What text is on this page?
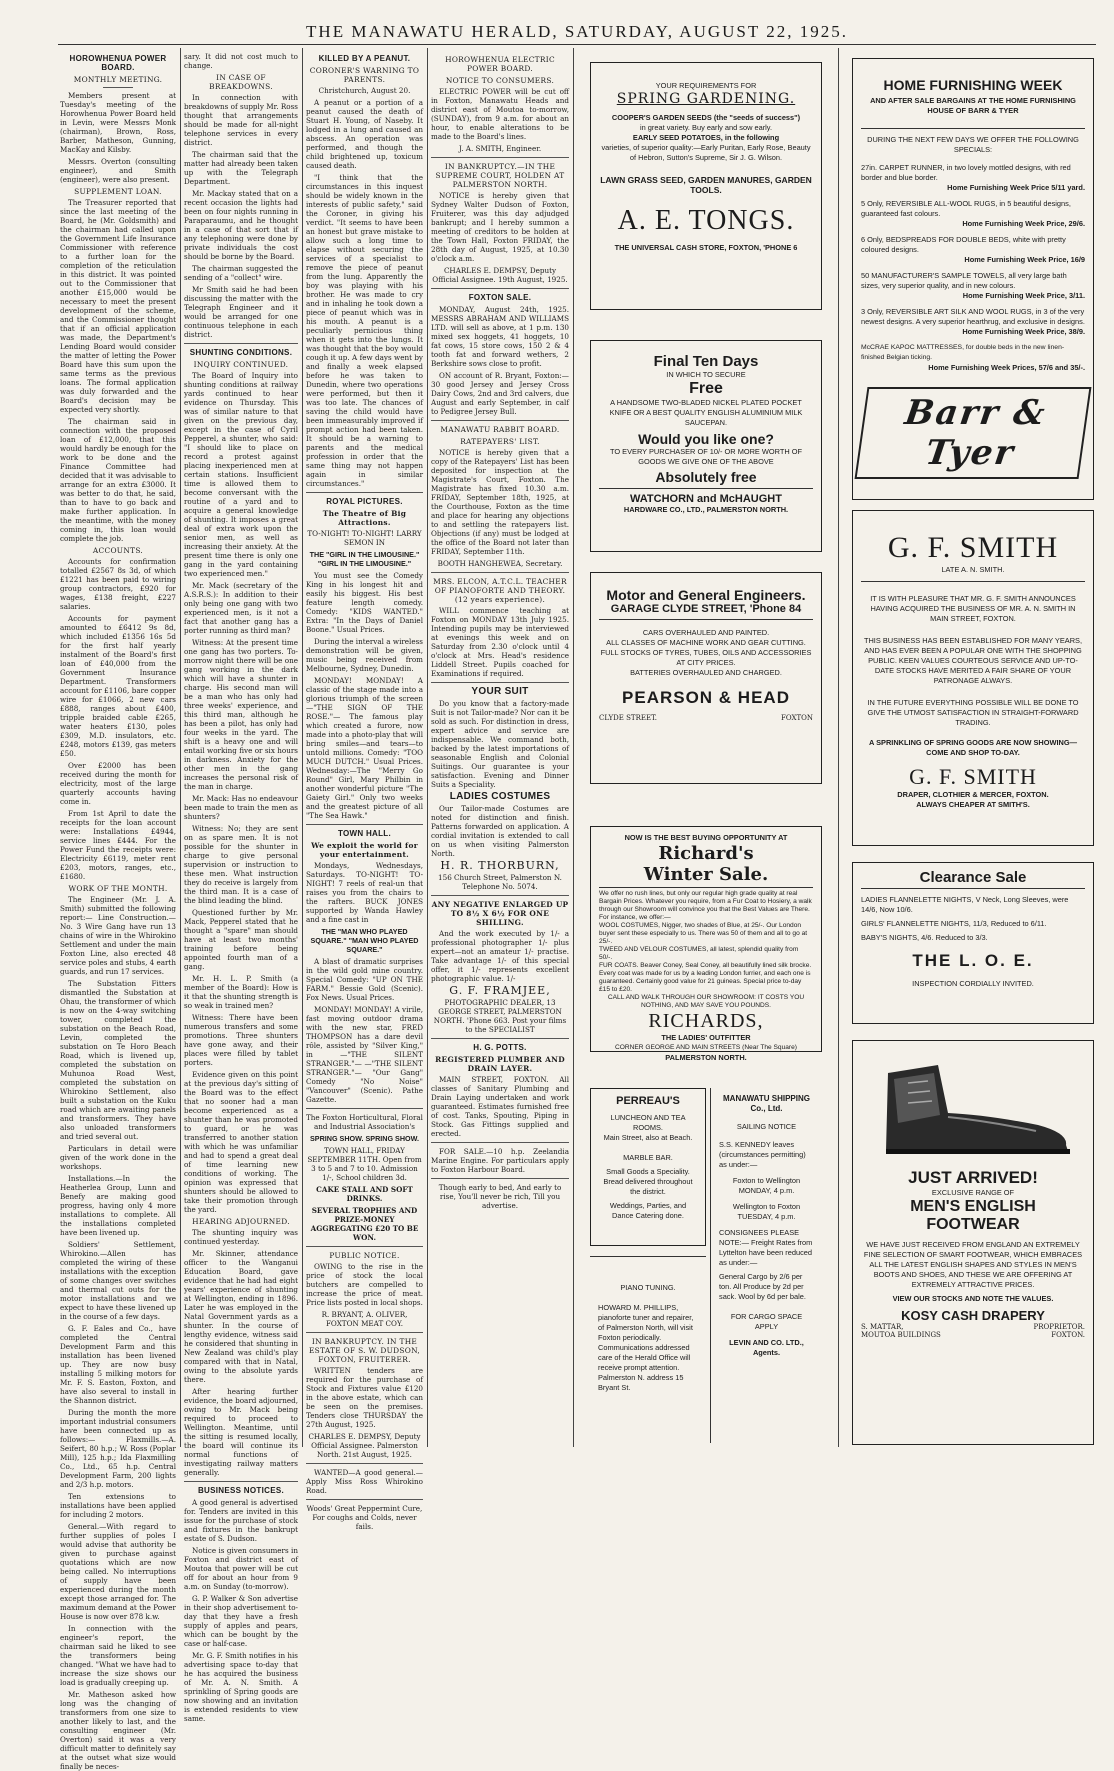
THE MANAWATU HERALD, SATURDAY, AUGUST 22, 1925.
HOROWHENUA POWER BOARD.
MONTHLY MEETING.

Members present at Tuesday's meeting of the Horowhenua Power Board held in Levin, were Messrs Monk (chairman), Brown, Ross, Barber, Matheson, Gunning, MacKay and Kilsby.

Messrs. Overton (consulting engineer), and Smith (engineer), were also present.

SUPPLEMENT LOAN.

The Treasurer reported that since the last meeting of the Board, he (Mr. Goldsmith) and the chairman had called upon the Government Life Insurance Commissioner with reference to a further loan for the completion of the reticulation in this district. It was pointed out to the Commissioner that another £15,000 would be necessary to meet the present development of the scheme, and the Commissioner thought that if an official application was made, the Department's Lending Board would consider the matter of letting the Power Board have this sum upon the same terms as the previous loans. The formal application was duly forwarded and the Board's decision may be expected very shortly.

The chairman said in connection with the proposed loan of £12,000, that this would hardly be enough for the work to be done and the Finance Committee had decided that it was advisable to arrange for an extra £3000. It was better to do that, he said, than to have to go back and make further application. In the meantime, with the money coming in, this loan would complete the job.

ACCOUNTS.

Accounts for confirmation totalled £2567 8s 3d, of which £1221 has been paid to wiring group contractors, £920 for wages, £138 freight, £227 salaries.

Accounts for payment amounted to £6412 9s 8d, which included £1356 16s 5d for the first half yearly instalment of the Board's first loan of £40,000 from the Government Insurance Department. Transformers account for £1106, bare copper wire for £1066, 2 new cars £888, ranges about £400, tripple braided cable £265, water heaters £130, poles £309, M.D. insulators, etc. £248, motors £139, gas meters £50.

Over £2000 has been received during the month for electricity, most of the large quarterly accounts having come in.

From 1st April to date the receipts for the loan account were: Installations £4944, service lines £444. For the Power Fund the receipts were: Electricity £6119, meter rent £203, motors, ranges, etc., £1680.

WORK OF THE MONTH.

The Engineer (Mr. J. A. Smith) submitted the following report:— Line Construction.—No. 3 Wire Gang have run 13 chains of wire in the Whirokino Settlement and under the main Foxton Line, also erected 48 service poles and stubs, 4 earth guards, and run 17 services.

The Substation Fitters dismantled the Substation at Ohau, the transformer of which is now on the 4-way switching tower, completed the substation on the Beach Road, Levin, completed the substation on Te Horo Beach Road, which is livened up, completed the substation on Muhunoa Road West, completed the substation on Whirokino Settlement, also built a substation on the Kuku road which are awaiting panels and transformers. They have also unloaded transformers and tried several out.

Particulars in detail were given of the work done in the workshops.

Installations.—In the Heatherlea Group, Lunn and Benefy are making good progress, having only 4 more installations to complete. All the installations completed have been livened up.

Soldiers' Settlement, Whirokino.—Allen has completed the wiring of these installations with the exception of some changes over switches and thermal cut outs for the motor installations and we expect to have these livened up in the course of a few days.

G. F. Eales and Co., have completed the Central Development Farm and this installation has been livened up. They are now busy installing 5 milking motors for Mr. F. S. Easton, Foxton, and have also several to install in the Shannon district.

During the month the more important industrial consumers have been connected up as follows:— Flaxmills.—A. Seifert, 80 h.p.; W. Ross (Poplar Mill), 125 h.p.; Ida Flaxmilling Co., Ltd., 65 h.p. Central Development Farm, 200 lights and 2/3 h.p. motors.

Ten extensions to installations have been applied for including 2 motors.

General.—With regard to further supplies of poles I would advise that authority be given to purchase against quotations which are now being called. No interruptions of supply have been experienced during the month except those arranged for. The maximum demand at the Power House is now over 878 k.w.

In connection with the engineer's report, the chairman said he liked to see the transformers being changed. "What we have had to increase the size shows our load is gradually creeping up.

Mr. Matheson asked how long was the changing of transformers from one size to another likely to last, and the consulting engineer (Mr. Overton) said it was a very difficult matter to definitely say at the outset what size would finally be neces-

sary. It did not cost much to change.

IN CASE OF BREAKDOWNS.

In connection with breakdowns of supply Mr. Ross thought that arrangements should be made for all-night telephone services in every district.

The chairman said that the matter had already been taken up with the Telegraph Department.

Mr. Mackay stated that on a recent occasion the lights had been on four nights running in Paraparaumu, and he thought in a case of that sort that if any telephoning were done by private individuals the cost should be borne by the Board.

The chairman suggested the sending of a "collect" wire.

Mr Smith said he had been discussing the matter with the Telegraph Engineer and it would be arranged for one continuous telephone in each district.

SHUNTING CONDITIONS.
INQUIRY CONTINUED.

The Board of Inquiry into shunting conditions at railway yards continued to hear evidence on Thursday. This was of similar nature to that given on the previous day, except in the case of Cyril Pepperel, a shunter, who said: "I should like to place on record a protest against placing inexperienced men at certain stations. Insufficient time is allowed them to become conversant with the routine of a yard and to acquire a general knowledge of shunting. It imposes a great deal of extra work upon the senior men, as well as increasing their anxiety. At the present time there is only one gang in the yard containing two experienced men."

Mr. Mack (secretary of the A.S.R.S.): In addition to their only being one gang with two experienced men, is it not a fact that another gang has a porter running as third man?

Witness: At the present time one gang has two porters. To-morrow night there will be one gang working in the dark which will have a shunter in charge. His second man will be a man who has only had three weeks' experience, and this third man, although he has been a pilot, has only had four weeks in the yard. The shift is a heavy one and will entail working five or six hours in darkness. Anxiety for the other men in the gang increases the personal risk of the man in charge.

Mr. Mack: Has no endeavour been made to train the men as shunters?

Witness: No; they are sent on as spare men. It is not possible for the shunter in charge to give personal supervision or instruction to these men. What instruction they do receive is largely from the third man. It is a case of the blind leading the blind.

Questioned further by Mr. Mack, Pepperel stated that he thought a "spare" man should have at least two months' training before being appointed fourth man of a gang.

Mr. H. L. P. Smith (a member of the Board): How is it that the shunting strength is so weak in trained men?

Witness: There have been numerous transfers and some promotions. Three shunters have gone away, and their places were filled by tablet porters.

Evidence given on this point at the previous day's sitting of the Board was to the effect that no sooner had a man become experienced as a shunter than he was promoted to guard, or he was transferred to another station with which he was unfamiliar and had to spend a great deal of time learning new conditions of working. The opinion was expressed that shunters should be allowed to take their promotion through the yard.

HEARING ADJOURNED.

The shunting inquiry was continued yesterday.

Mr. Skinner, attendance officer to the Wanganui Education Board, gave evidence that he had had eight years' experience of shunting at Wellington, ending in 1896. Later he was employed in the Natal Government yards as a shunter. In the course of lengthy evidence, witness said he considered that shunting in New Zealand was child's play compared with that in Natal, owing to the absolute yards there.

After hearing further evidence, the board adjourned, owing to Mr. Mack being required to proceed to Wellington. Meantime, until the sitting is resumed locally, the board will continue its normal functions of investigating railway matters generally.

BUSINESS NOTICES.

A good general is advertised for. Tenders are invited in this issue for the purchase of stock and fixtures in the bankrupt estate of S. Dudson.

Notice is given consumers in Foxton and district east of Moutoa that power will be cut off for about an hour from 9 a.m. on Sunday (to-morrow).

G. P. Walker & Son advertise in their shop advertisement to-day that they have a fresh supply of apples and pears, which can be bought by the case or half-case.

Mr. G. F. Smith notifies in his advertising space to-day that he has acquired the business of Mr. A. N. Smith. A sprinkling of Spring goods are now showing and an invitation is extended residents to view same.

KILLED BY A PEANUT.
CORONER'S WARNING TO PARENTS.

Christchurch, August 20.

A peanut or a portion of a peanut caused the death of Stuart H. Young, of Naseby. It lodged in a lung and caused an abscess. An operation was performed, and though the child brightened up, toxicum caused death.

"I think that the circumstances in this inquest should be widely known in the interests of public safety," said the Coroner, in giving his verdict. "It seems to have been an honest but grave mistake to allow such a long time to elapse without securing the services of a specialist to remove the piece of peanut from the lung. Apparently the boy was playing with his brother. He was made to cry and in inhaling he took down a piece of peanut which was in his mouth. A peanut is a peculiarly pernicious thing when it gets into the lungs. It was thought that the boy would cough it up. A few days went by and finally a week elapsed before he was taken to Dunedin, where two operations were performed, but then it was too late. The chances of saving the child would have been immeasurably improved if prompt action had been taken. It should be a warning to parents and the medical profession in order that the same thing may not happen again in similar circumstances."

ROYAL PICTURES.
The Theatre of Big Attractions.

TO-NIGHT! TO-NIGHT! LARRY SEMON IN

THE "GIRL IN THE LIMOUSINE." "GIRL IN THE LIMOUSINE."

You must see the Comedy King in his longest hit and easily his biggest. His best feature length comedy. Comedy: "KIDS WANTED." Extra: "In the Days of Daniel Boone." Usual Prices.

During the interval a wireless demonstration will be given, music being received from Melbourne, Sydney, Dunedin.

MONDAY! MONDAY! A classic of the stage made into a glorious triumph of the screen —"THE SIGN OF THE ROSE."— The famous play which created a furore, now made into a photo-play that will bring smiles—and tears—to untold millions. Comedy: "TOO MUCH DUTCH." Usual Prices. Wednesday:—The "Merry Go Round" Girl, Mary Philbin in another wonderful picture "The Gaiety Girl." Only two weeks and the greatest picture of all "The Sea Hawk."

TOWN HALL.
We exploit the world for your entertainment.

Mondays, Wednesdays, Saturdays. TO-NIGHT! TO-NIGHT! 7 reels of real-un that raises you from the chairs to the rafters. BUCK JONES supported by Wanda Hawley and a fine cast in

THE "MAN WHO PLAYED SQUARE." "MAN WHO PLAYED SQUARE."

A blast of dramatic surprises in the wild gold mine country. Special Comedy: "UP ON THE FARM." Bessie Gold (Scenic). Fox News. Usual Prices.

MONDAY! MONDAY! A virile, fast moving outdoor drama with the new star, FRED THOMPSON has a dare devil rôle, assisted by "Silver King," in —"THE SILENT STRANGER."— —"THE SILENT STRANGER."— "Our Gang" Comedy "No Noise" "Vancouver" (Scenic). Pathe Gazette.

The Foxton Horticultural, Floral and Industrial Association's

SPRING SHOW. SPRING SHOW.

TOWN HALL, FRIDAY SEPTEMBER 11TH. Open from 3 to 5 and 7 to 10. Admission 1/-, School children 3d.

CAKE STALL AND SOFT DRINKS.

SEVERAL TROPHIES AND PRIZE-MONEY AGGREGATING £20 TO BE WON.

PUBLIC NOTICE.

OWING to the rise in the price of stock the local butchers are compelled to increase the price of meat. Price lists posted in local shops.

R. BRYANT, A. OLIVER, FOXTON MEAT COY.

IN BANKRUPTCY. IN THE ESTATE OF S. W. DUDSON, FOXTON, FRUITERER.

WRITTEN tenders are required for the purchase of Stock and Fixtures value £120 in the above estate, which can be seen on the premises. Tenders close THURSDAY the 27th August, 1925.

CHARLES E. DEMPSY, Deputy Official Assignee. Palmerston North. 21st August, 1925.

WANTED—A good general.— Apply Miss Ross Whirokino Road.

Woods' Great Peppermint Cure, For coughs and Colds, never fails.

HOROWHENUA ELECTRIC POWER BOARD.
NOTICE TO CONSUMERS.

ELECTRIC POWER will be cut off in Foxton, Manawatu Heads and district east of Moutoa to-morrow, (SUNDAY), from 9 a.m. for about an hour, to enable alterations to be made to the Board's lines.

J. A. SMITH, Engineer.

IN BANKRUPTCY.—IN THE SUPREME COURT, HOLDEN AT PALMERSTON NORTH.

NOTICE is hereby given that Sydney Walter Dudson of Foxton, Fruiterer, was this day adjudged bankrupt; and I hereby summon a meeting of creditors to be holden at the Town Hall, Foxton FRIDAY, the 28th day of August, 1925, at 10.30 o'clock a.m.

CHARLES E. DEMPSY, Deputy Official Assignee. 19th August, 1925.

FOXTON SALE.

MONDAY, August 24th, 1925. MESSRS ABRAHAM AND WILLIAMS LTD. will sell as above, at 1 p.m. 130 mixed sex hoggets, 41 hoggets, 10 fat cows, 15 store cows, 150 2 & 4 tooth fat and forward wethers, 2 Berkshire sows close to profit.

ON account of R. Bryant, Foxton:—30 good Jersey and Jersey Cross Dairy Cows, 2nd and 3rd calvers, due August and early September, in calf to Pedigree Jersey Bull.

MANAWATU RABBIT BOARD.
RATEPAYERS' LIST.

NOTICE is hereby given that a copy of the Ratepayers' List has been deposited for inspection at the Magistrate's Court, Foxton. The Magistrate has fixed 10.30 a.m. FRIDAY, September 18th, 1925, at the Courthouse, Foxton as the time and place for hearing any objections to and settling the ratepayers list. Objections (if any) must be lodged at the office of the Board not later than FRIDAY, September 11th.

BOOTH HANGHEWEA, Secretary.

MRS. ELCON, A.T.C.L. TEACHER OF PIANOFORTE AND THEORY. (12 years experience).

WILL commence teaching at Foxton on MONDAY 13th July 1925. Intending pupils may be interviewed at evenings this week and on Saturday from 2.30 o'clock until 4 o'clock at Mrs. Head's residence Liddell Street. Pupils coached for Examinations if required.

YOUR SUIT

Do you know that a factory-made Suit is not Tailor-made? Nor can it be sold as such. For distinction in dress, expert advice and service are indispensable. We command both, backed by the latest importations of seasonable English and Colonial Suitings. Our guarantee is your satisfaction. Evening and Dinner Suits a Speciality.

LADIES COSTUMES

Our Tailor-made Costumes are noted for distinction and finish. Patterns forwarded on application. A cordial invitation is extended to call on us when visiting Palmerston North.

H. R. THORBURN,

156 Church Street, Palmerston N. Telephone No. 5074.

ANY NEGATIVE ENLARGED UP TO 8½ X 6½ FOR ONE SHILLING.

And the work executed by 1/- a professional photographer 1/- plus expert—not an amateur 1/- practise. Take advantage 1/- of this special offer, it 1/- represents excellent photographic value. 1/-

G. F. FRAMJEE,

PHOTOGRAPHIC DEALER, 13 GEORGE STREET, PALMERSTON NORTH. 'Phone 663. Post your films to the SPECIALIST

H. G. POTTS.
REGISTERED PLUMBER AND DRAIN LAYER.

MAIN STREET, FOXTON. All classes of Sanitary Plumbing and Drain Laying undertaken and work guaranteed. Estimates furnished free of cost. Tanks, Spouting, Piping in Stock. Gas Fittings supplied and erected.

FOR SALE.—10 h.p. Zeelandia Marine Engine. For particulars apply to Foxton Harbour Board.

Though early to bed, And early to rise, You'll never be rich, Till you advertise.

YOUR REQUIREMENTS FOR
SPRING GARDENING.
COOPER'S GARDEN SEEDS (the "seeds of success")
in great variety. Buy early and sow early.
EARLY SEED POTATOES, in the following
varieties, of superior quality:—Early Puritan, Early Rose, Beauty of Hebron, Sutton's Supreme, Sir J. G. Wilson.
LAWN GRASS SEED, GARDEN MANURES, GARDEN TOOLS.
A. E. TONGS.
THE UNIVERSAL CASH STORE, FOXTON, 'PHONE 6
Final Ten Days
IN WHICH TO SECURE
Free
A HANDSOME TWO-BLADED NICKEL PLATED POCKET KNIFE OR A BEST QUALITY ENGLISH ALUMINIUM MILK SAUCEPAN.
Would you like one?
TO EVERY PURCHASER OF 10/- OR MORE WORTH OF GOODS WE GIVE ONE OF THE ABOVE
Absolutely free
WATCHORN and McHAUGHT
HARDWARE CO., LTD., PALMERSTON NORTH.
Motor and General Engineers.
GARAGE CLYDE STREET, 'Phone 84
CARS OVERHAULED AND PAINTED.
ALL CLASSES OF MACHINE WORK AND GEAR CUTTING.
FULL STOCKS OF TYRES, TUBES, OILS AND ACCESSORIES AT CITY PRICES.
BATTERIES OVERHAULED AND CHARGED.
PEARSON & HEAD
CLYDE STREET.	FOXTON
NOW IS THE BEST BUYING OPPORTUNITY AT
Richard's
Winter Sale.
We offer no rush lines, but only our regular high grade quality at real Bargain Prices. Whatever you require, from a Fur Coat to Hosiery, a walk through our Showroom will convince you that the Best Values are There. For instance, we offer:—
WOOL COSTUMES, Nigger, two shades of Blue, at 25/-. Our London buyer sent these especially to us. There was 50 of them and all to go at 25/-.
TWEED AND VELOUR COSTUMES, all latest, splendid quality from 50/-.
FUR COATS. Beaver Coney, Seal Coney, all beautifully lined silk brocke. Every coat was made for us by a leading London furrier, and each one is guaranteed. Certainly good value for 21 guineas. Special price to-day £15 to £20.
CALL AND WALK THROUGH OUR SHOWROOM: IT COSTS YOU NOTHING, AND MAY SAVE YOU POUNDS.
RICHARDS,
THE LADIES' OUTFITTER
CORNER GEORGE AND MAIN STREETS (Near The Square)
PALMERSTON NORTH.
PERREAU'S
LUNCHEON AND TEA ROOMS.
Main Street, also at Beach.
MARBLE BAR.
Small Goods a Speciality. Bread delivered throughout the district.
Weddings, Parties, and Dance Catering done.
PIANO TUNING.
HOWARD M. PHILLIPS, pianoforte tuner and repairer, of Palmerston North, will visit Foxton periodically. Communications addressed care of the Herald Office will receive prompt attention. Palmerston N. address 15 Bryant St.
MANAWATU SHIPPING Co., Ltd.
SAILING NOTICE
S.S. KENNEDY leaves (circumstances permitting) as under:—
Foxton to Wellington MONDAY, 4 p.m.
Wellington to Foxton TUESDAY, 4 p.m.
CONSIGNEES PLEASE NOTE:— Freight Rates from Lyttelton have been reduced as under:—
General Cargo by 2/6 per ton. All Produce by 2d per sack. Wool by 6d per bale.
FOR CARGO SPACE APPLY
LEVIN AND CO. LTD., Agents.
HOME FURNISHING WEEK
AND AFTER SALE BARGAINS AT THE HOME FURNISHING HOUSE OF BARR & TYER
DURING THE NEXT FEW DAYS WE OFFER THE FOLLOWING SPECIALS:
27in. CARPET RUNNER, in two lovely mottled designs, with red border and blue border.
Home Furnishing Week Price 5/11 yard.
5 Only, REVERSIBLE ALL-WOOL RUGS, in 5 beautiful designs, guaranteed fast colours.
Home Furnishing Week Price, 29/6.
6 Only, BEDSPREADS FOR DOUBLE BEDS, white with pretty coloured designs.
Home Furnishing Week Price, 16/9
50 MANUFACTURER'S SAMPLE TOWELS, all very large bath sizes, very superior quality, and in new colours.
Home Furnishing Week Price, 3/11.
3 Only, REVERSIBLE ART SILK AND WOOL RUGS, in 3 of the very newest designs. A very superior hearthrug, and exclusive in designs.
Home Furnishing Week Price, 38/9.
McCRAE KAPOC MATTRESSES, for double beds in the new linen-finished Belgian ticking.
Home Furnishing Week Prices, 57/6 and 35/-.
Barr & Tyer
G. F. SMITH
LATE A. N. SMITH.
IT IS WITH PLEASURE THAT MR. G. F. SMITH ANNOUNCES HAVING ACQUIRED THE BUSINESS OF MR. A. N. SMITH IN MAIN STREET, FOXTON.
THIS BUSINESS HAS BEEN ESTABLISHED FOR MANY YEARS, AND HAS EVER BEEN A POPULAR ONE WITH THE SHOPPING PUBLIC. KEEN VALUES COURTEOUS SERVICE AND UP-TO-DATE STOCKS HAVE MERITED A FAIR SHARE OF YOUR PATRONAGE ALWAYS.
IN THE FUTURE EVERYTHING POSSIBLE WILL BE DONE TO GIVE THE UTMOST SATISFACTION IN STRAIGHT-FORWARD TRADING.
A SPRINKLING OF SPRING GOODS ARE NOW SHOWING—COME AND SHOP TO-DAY.
G. F. SMITH
DRAPER, CLOTHIER & MERCER, FOXTON.
ALWAYS CHEAPER AT SMITH'S.
Clearance Sale
LADIES FLANNELETTE NIGHTS, V Neck, Long Sleeves, were 14/6, Now 10/6.
GIRLS' FLANNELETTE NIGHTS, 11/3, Reduced to 6/11.
BABY'S NIGHTS, 4/6. Reduced to 3/3.
THE L. O. E.
INSPECTION CORDIALLY INVITED.
JUST ARRIVED!
EXCLUSIVE RANGE OF
MEN'S ENGLISH
FOOTWEAR
WE HAVE JUST RECEIVED FROM ENGLAND AN EXTREMELY FINE SELECTION OF SMART FOOTWEAR, WHICH EMBRACES ALL THE LATEST ENGLISH SHAPES AND STYLES IN MEN'S BOOTS AND SHOES, AND THESE WE ARE OFFERING AT EXTREMELY ATTRACTIVE PRICES.
VIEW OUR STOCKS AND NOTE THE VALUES.
KOSY CASH DRAPERY
S. MATTAR,	PROPRIETOR.
MOUTOA BUILDINGS	FOXTON.
